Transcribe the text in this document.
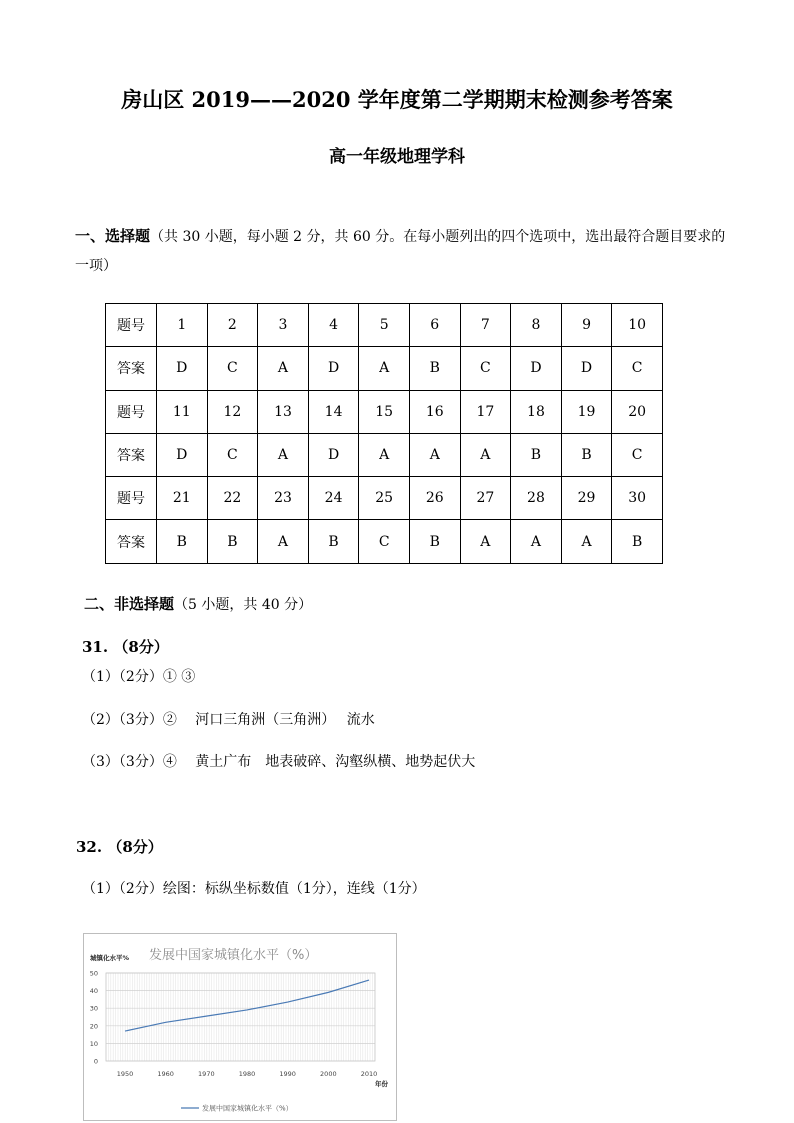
房山区 2019——2020 学年度第二学期期末检测参考答案
高一年级地理学科
一、选择题（共 30 小题，每小题 2 分，共 60 分。在每小题列出的四个选项中，选出最符合题目要求的一项）
题号	1	2	3	4	5	6	7	8	9	10
答案	D	C	A	D	A	B	C	D	D	C
题号	11	12	13	14	15	16	17	18	19	20
答案	D	C	A	D	A	A	A	B	B	C
题号	21	22	23	24	25	26	27	28	29	30
答案	B	B	A	B	C	B	A	A	A	B
二、非选择题（5 小题，共 40 分）
31. （8分）
（1）（2分）① ③
（2）（3分）②　 河口三角洲（三角洲）　 流水
（3）（3分）④　 黄土广布　地表破碎、沟壑纵横、地势起伏大
32. （8分）
（1）（2分）绘图：标纵坐标数值（1分），连线（1分）
0
10
20
30
40
50
1950	1960	1970	1980	1990	2000	2010
发展中国家城镇化水平（%）
城镇化水平%
年份
发展中国家城镇化水平（%）
